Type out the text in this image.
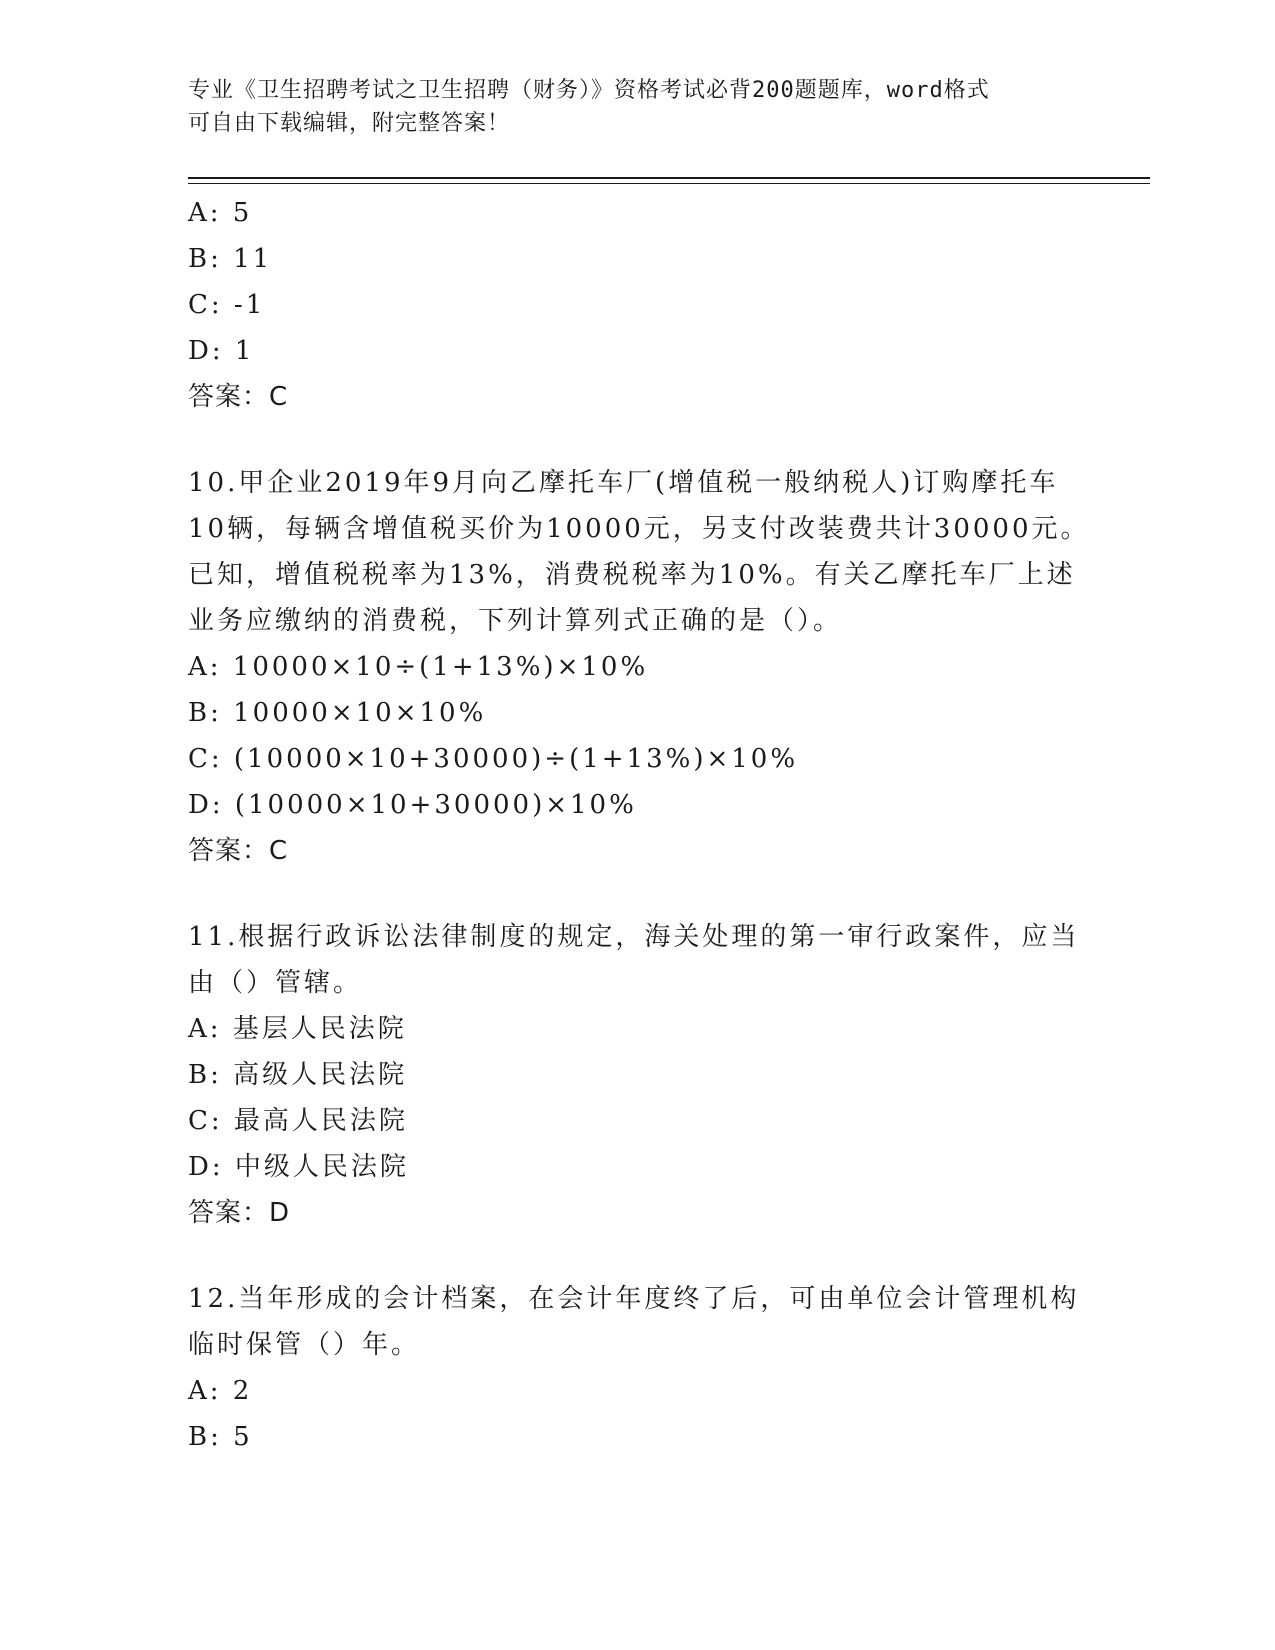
专业《卫生招聘考试之卫生招聘（财务）》资格考试必背200题题库，word格式
可自由下载编辑，附完整答案！
A: 5
B: 11
C: -1
D: 1
答案：C
10.甲企业2019年9月向乙摩托车厂(增值税一般纳税人)订购摩托车
10辆，每辆含增值税买价为10000元，另支付改装费共计30000元。
已知，增值税税率为13%，消费税税率为10%。有关乙摩托车厂上述
业务应缴纳的消费税，下列计算列式正确的是（）。
A: 10000×10÷(1+13%)×10%
B: 10000×10×10%
C: (10000×10+30000)÷(1+13%)×10%
D: (10000×10+30000)×10%
答案：C
11.根据行政诉讼法律制度的规定，海关处理的第一审行政案件，应当
由（）管辖。
A: 基层人民法院
B: 高级人民法院
C: 最高人民法院
D: 中级人民法院
答案：D
12.当年形成的会计档案，在会计年度终了后，可由单位会计管理机构
临时保管（）年。
A: 2
B: 5
